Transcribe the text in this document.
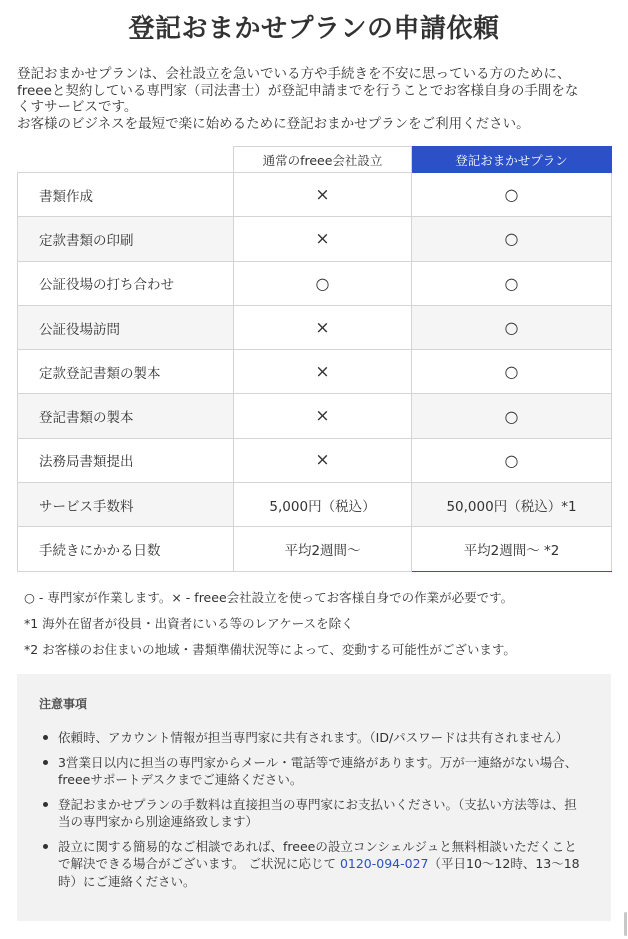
登記おまかせプランの申請依頼

登記おまかせプランは、会社設立を急いでいる方や手続きを不安に思っている方のために、

freeeと契約している専門家（司法書士）が登記申請までを行うことでお客様自身の手間をな

くすサービスです。

お客様のビジネスを最短で楽に始めるために登記おまかせプランをご利用ください。

	通常のfreee会社設立	登記おまかせプラン
書類作成	×	○
定款書類の印刷	×	○
公証役場の打ち合わせ	○	○
公証役場訪問	×	○
定款登記書類の製本	×	○
登記書類の製本	×	○
法務局書類提出	×	○
サービス手数料	5,000円（税込）	50,000円（税込）*1
手続きにかかる日数	平均2週間〜	平均2週間〜 *2

○ - 専門家が作業します。× - freee会社設立を使ってお客様自身での作業が必要です。

*1 海外在留者が役員・出資者にいる等のレアケースを除く

*2 お客様のお住まいの地域・書類準備状況等によって、変動する可能性がございます。

注意事項
依頼時、アカウント情報が担当専門家に共有されます。（ID/パスワードは共有されません）
3営業日以内に担当の専門家からメール・電話等で連絡があります。万が一連絡がない場合、freeeサポートデスクまでご連絡ください。
登記おまかせプランの手数料は直接担当の専門家にお支払いください。（支払い方法等は、担当の専門家から別途連絡致します）
設立に関する簡易的なご相談であれば、freeeの設立コンシェルジュと無料相談いただくことで解決できる場合がございます。 ご状況に応じて 0120-094-027（平日10〜12時、13〜18時）にご連絡ください。
